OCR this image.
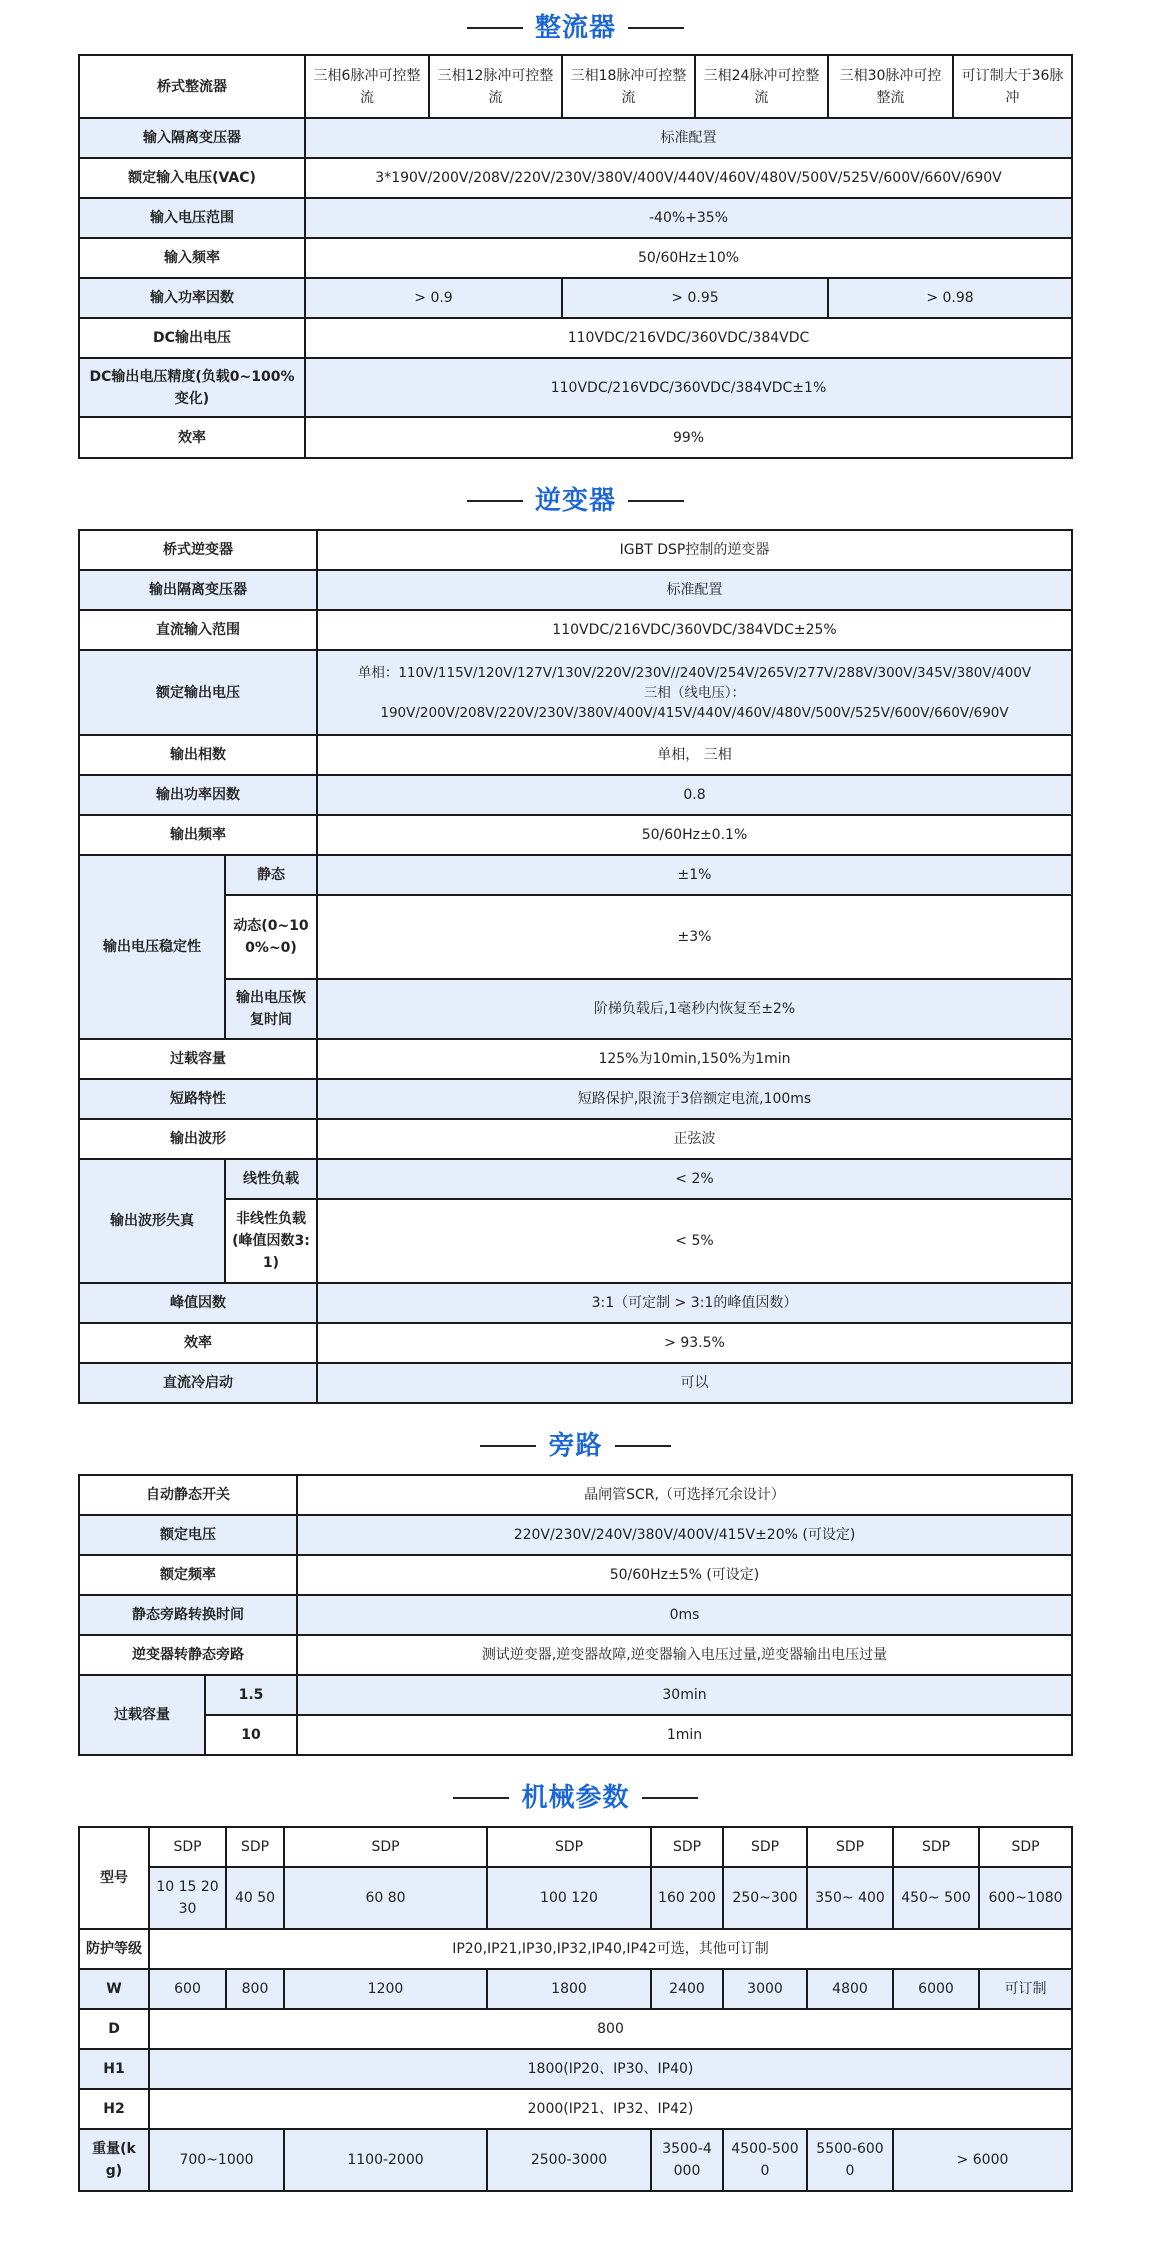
整流器
桥式整流器	三相6脉冲可控整流	三相12脉冲可控整流	三相18脉冲可控整流	三相24脉冲可控整流	三相30脉冲可控整流	可订制大于36脉冲
输入隔离变压器	标准配置					
额定输入电压(VAC)	3*190V/200V/208V/220V/230V/380V/400V/440V/460V/480V/500V/525V/600V/660V/690V					
输入电压范围	-40%+35%					
输入频率	50/60Hz±10%					
输入功率因数	> 0.9		> 0.95		> 0.98	
DC输出电压	110VDC/216VDC/360VDC/384VDC					
DC输出电压精度(负载0~100%变化)	110VDC/216VDC/360VDC/384VDC±1%					
效率	99%					
逆变器
桥式逆变器		IGBT DSP控制的逆变器
输出隔离变压器		标准配置
直流输入范围		110VDC/216VDC/360VDC/384VDC±25%
额定输出电压		单相：110V/115V/120V/127V/130V/220V/230V//240V/254V/265V/277V/288V/300V/345V/380V/400V
三相（线电压）：
190V/200V/208V/220V/230V/380V/400V/415V/440V/460V/480V/500V/525V/600V/660V/690V

输出相数		单相， 三相
输出功率因数		0.8
输出频率		50/60Hz±0.1%
输出电压稳定性	静态	±1%
	动态(0~100%~0)	±3%
	输出电压恢复时间	阶梯负载后,1毫秒内恢复至±2%
过载容量		125%为10min,150%为1min
短路特性		短路保护,限流于3倍额定电流,100ms
输出波形		正弦波
输出波形失真	线性负载	< 2%
	非线性负载(峰值因数3:1)	< 5%
峰值因数		3:1（可定制 > 3:1的峰值因数）
效率		> 93.5%
直流冷启动		可以
旁路
自动静态开关		晶闸管SCR,（可选择冗余设计）
额定电压		220V/230V/240V/380V/400V/415V±20% (可设定)
额定频率		50/60Hz±5% (可设定)
静态旁路转换时间		0ms
逆变器转静态旁路		测试逆变器,逆变器故障,逆变器输入电压过量,逆变器输出电压过量
过载容量	1.5	30min
	10	1min
机械参数
型号	SDP	SDP	SDP	SDP	SDP	SDP	SDP	SDP	SDP
	10 15 20 30	40 50	60 80	100 120	160 200	250~300	350~ 400	450~ 500	600~1080
防护等级	IP20,IP21,IP30,IP32,IP40,IP42可选，其他可订制								
W	600	800	1200	1800	2400	3000	4800	6000	可订制
D	800								
H1	1800(IP20、IP30、IP40)								
H2	2000(IP21、IP32、IP42)								
重量(kg)	700~1000		1100-2000	2500-3000	3500-4000	4500-5000	5500-6000	> 6000	
